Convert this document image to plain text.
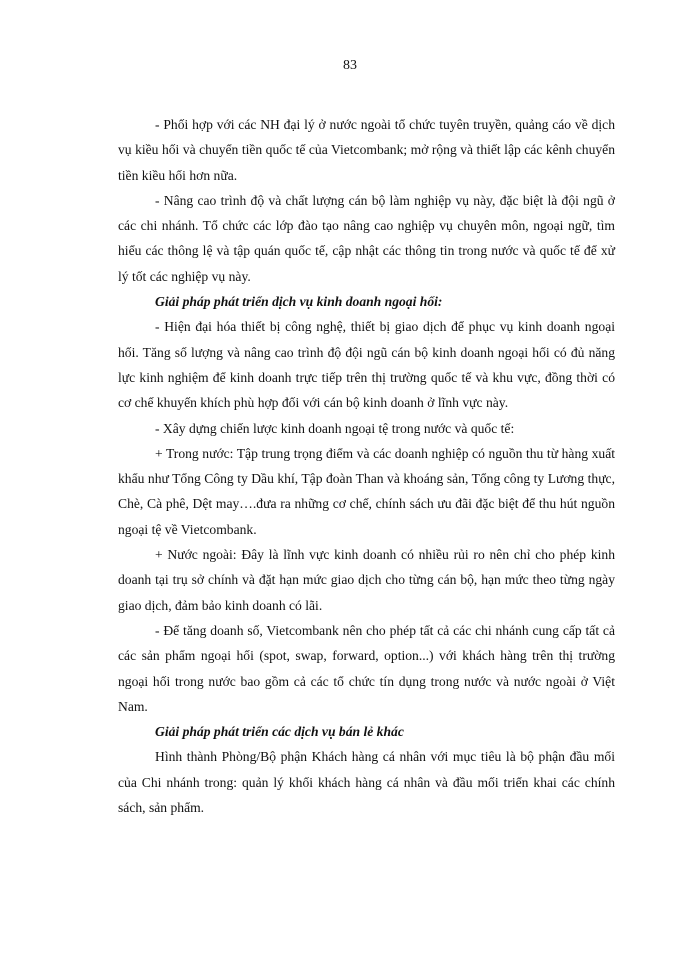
83

- Phối hợp với các NH đại lý ở nước ngoài tổ chức tuyên truyền, quảng cáo về dịch vụ kiều hối và chuyển tiền quốc tế của Vietcombank; mở rộng và thiết lập các kênh chuyển tiền kiều hối hơn nữa.

- Nâng cao trình độ và chất lượng cán bộ làm nghiệp vụ này, đặc biệt là đội ngũ ở các chi nhánh. Tổ chức các lớp đào tạo nâng cao nghiệp vụ chuyên môn, ngoại ngữ, tìm hiểu các thông lệ và tập quán quốc tế, cập nhật các thông tin trong nước và quốc tế để xử lý tốt các nghiệp vụ này.

Giải pháp phát triển dịch vụ kinh doanh ngoại hối:

- Hiện đại hóa thiết bị công nghệ, thiết bị giao dịch để phục vụ kinh doanh ngoại hối. Tăng số lượng và nâng cao trình độ đội ngũ cán bộ kinh doanh ngoại hối có đủ năng lực kinh nghiệm để kinh doanh trực tiếp trên thị trường quốc tế và khu vực, đồng thời có cơ chế khuyến khích phù hợp đối với cán bộ kinh doanh ở lĩnh vực này.

- Xây dựng chiến lược kinh doanh ngoại tệ trong nước và quốc tế:

+ Trong nước: Tập trung trọng điểm và các doanh nghiệp có nguồn thu từ hàng xuất khẩu như Tổng Công ty Dầu khí, Tập đoàn Than và khoáng sản, Tổng công ty Lương thực, Chè, Cà phê, Dệt may….đưa ra những cơ chế, chính sách ưu đãi đặc biệt để thu hút nguồn ngoại tệ về Vietcombank.

+ Nước ngoài: Đây là lĩnh vực kinh doanh có nhiều rủi ro nên chỉ cho phép kinh doanh tại trụ sở chính và đặt hạn mức giao dịch cho từng cán bộ, hạn mức theo từng ngày giao dịch, đảm bảo kinh doanh có lãi.

- Để tăng doanh số, Vietcombank nên cho phép tất cả các chi nhánh cung cấp tất cả các sản phẩm ngoại hối (spot, swap, forward, option...) với khách hàng trên thị trường ngoại hối trong nước bao gồm cả các tổ chức tín dụng trong nước và nước ngoài ở Việt Nam.

Giải pháp phát triển các dịch vụ bán lẻ khác

Hình thành Phòng/Bộ phận Khách hàng cá nhân với mục tiêu là bộ phận đầu mối của Chi nhánh trong: quản lý khối khách hàng cá nhân và đầu mối triển khai các chính sách, sản phẩm.
